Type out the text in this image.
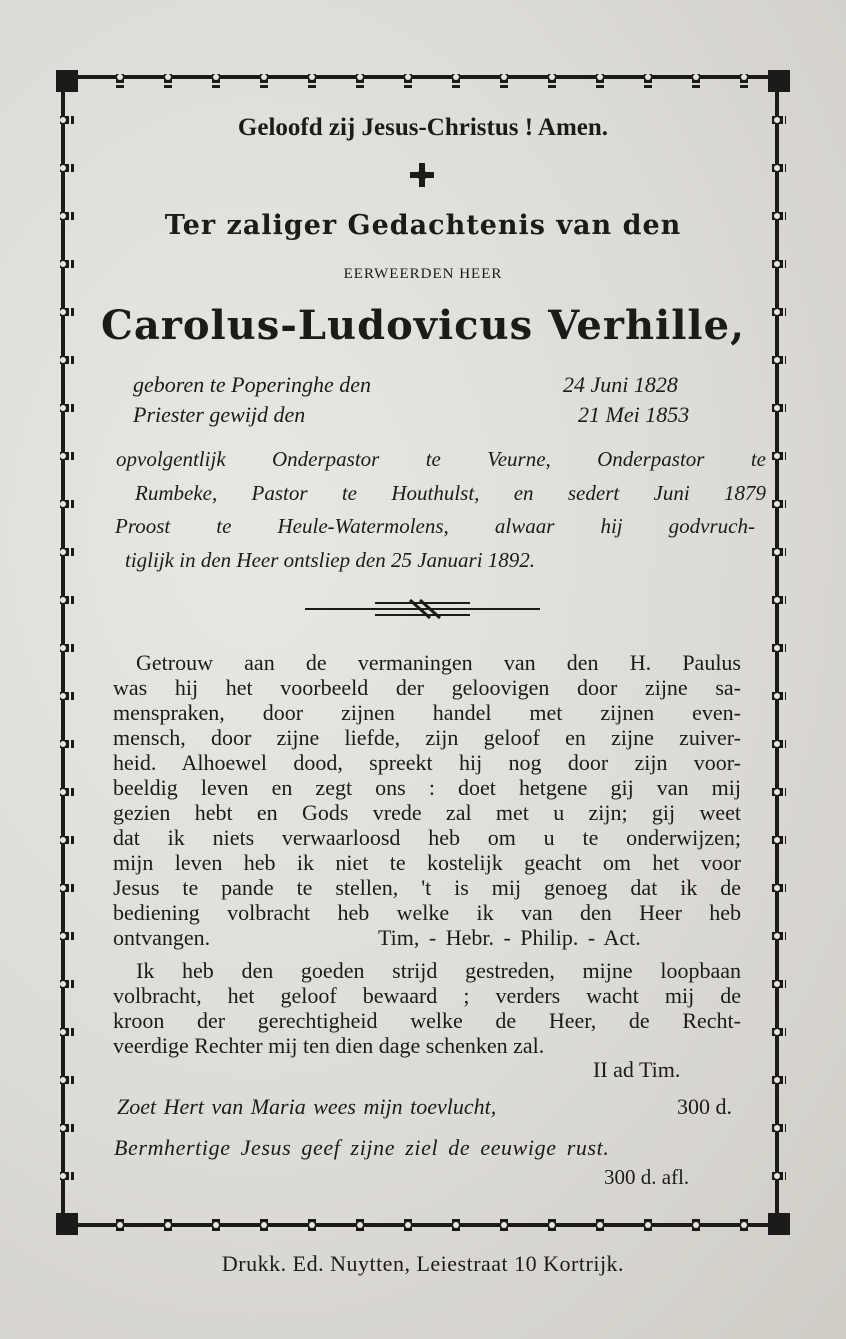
Geloofd zij Jesus-Christus ! Amen.
Ter zaliger Gedachtenis van den
EERWEERDEN HEER
Carolus-Ludovicus Verhille,
geboren te Poperinghe den	24 Juni 1828
Priester gewijd den	21 Mei 1853
opvolgentlijk Onderpastor te Veurne, Onderpastor te
Rumbeke, Pastor te Houthulst, en sedert Juni 1879
Proost te Heule-Watermolens, alwaar hij godvruch-
tiglijk in den Heer ontsliep den 25 Januari 1892.
Getrouw aan de vermaningen van den H. Paulus
was hij het voorbeeld der geloovigen door zijne sa-
menspraken, door zijnen handel met zijnen even-
mensch, door zijne liefde, zijn geloof en zijne zuiver-
heid. Alhoewel dood, spreekt hij nog door zijn voor-
beeldig leven en zegt ons : doet hetgene gij van mij
gezien hebt en Gods vrede zal met u zijn; gij weet
dat ik niets verwaarloosd heb om u te onderwijzen;
mijn leven heb ik niet te kostelijk geacht om het voor
Jesus te pande te stellen, 't is mij genoeg dat ik de
bediening volbracht heb welke ik van den Heer heb
ontvangen.	Tim, - Hebr. - Philip. - Act.
Ik heb den goeden strijd gestreden, mijne loopbaan
volbracht, het geloof bewaard ; verders wacht mij de
kroon der gerechtigheid welke de Heer, de Recht-
veerdige Rechter mij ten dien dage schenken zal.
II ad Tim.
Zoet Hert van Maria wees mijn toevlucht,	300 d.
Bermhertige Jesus geef zijne ziel de eeuwige rust.
300 d. afl.
Drukk. Ed. Nuytten, Leiestraat 10 Kortrijk.
